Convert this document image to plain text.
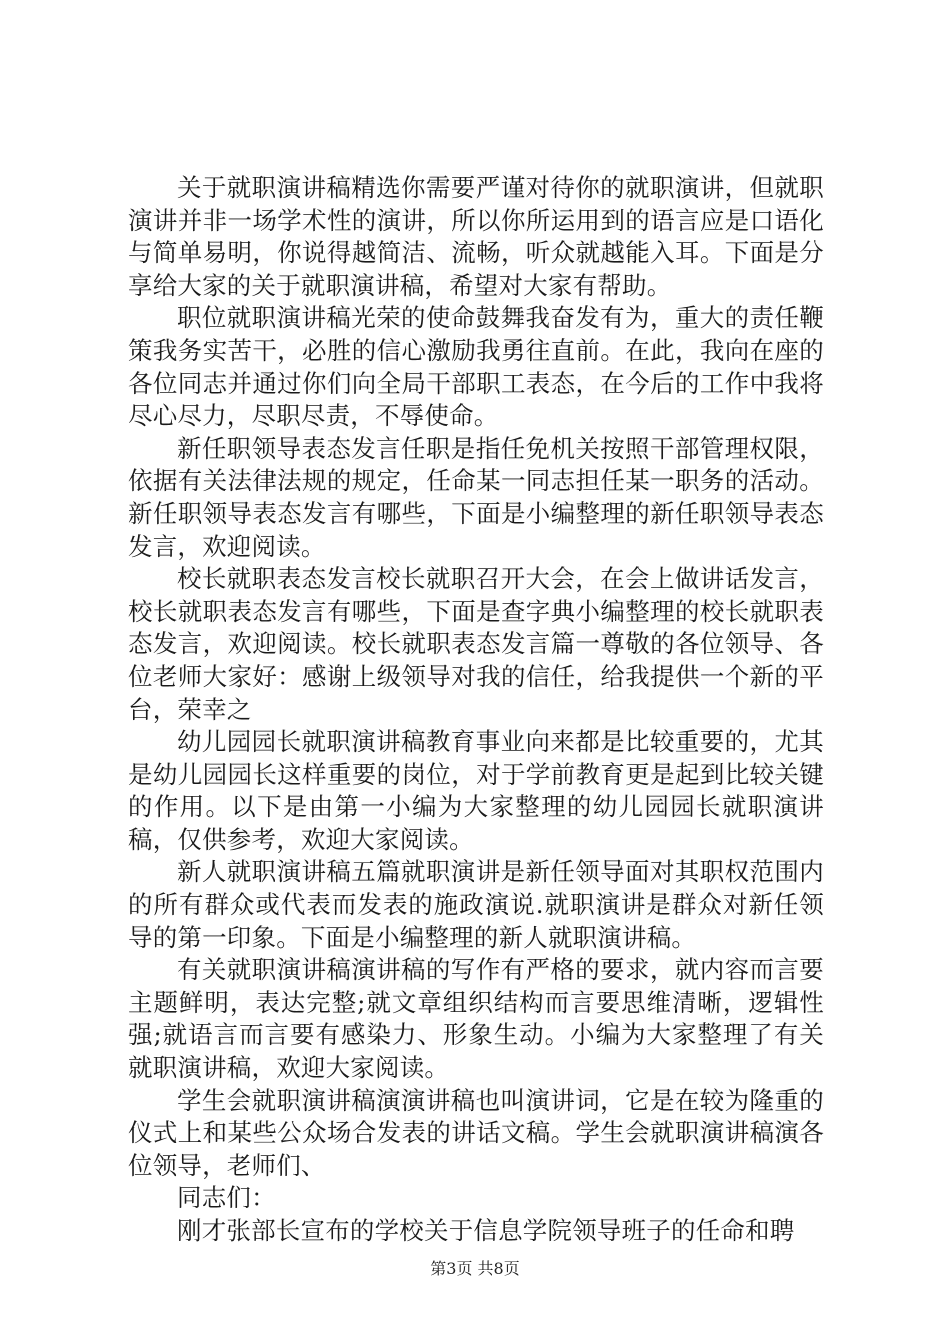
关于就职演讲稿精选你需要严谨对待你的就职演讲，但就职演讲并非一场学术性的演讲，所以你所运用到的语言应是口语化与简单易明，你说得越简洁、流畅，听众就越能入耳。下面是分享给大家的关于就职演讲稿，希望对大家有帮助。

职位就职演讲稿光荣的使命鼓舞我奋发有为，重大的责任鞭策我务实苦干，必胜的信心激励我勇往直前。在此，我向在座的各位同志并通过你们向全局干部职工表态，在今后的工作中我将尽心尽力，尽职尽责，不辱使命。

新任职领导表态发言任职是指任免机关按照干部管理权限，依据有关法律法规的规定，任命某一同志担任某一职务的活动。新任职领导表态发言有哪些，下面是小编整理的新任职领导表态发言，欢迎阅读。

校长就职表态发言校长就职召开大会，在会上做讲话发言，校长就职表态发言有哪些，下面是查字典小编整理的校长就职表态发言，欢迎阅读。校长就职表态发言篇一尊敬的各位领导、各位老师大家好：感谢上级领导对我的信任，给我提供一个新的平台，荣幸之

幼儿园园长就职演讲稿教育事业向来都是比较重要的，尤其是幼儿园园长这样重要的岗位，对于学前教育更是起到比较关键的作用。以下是由第一小编为大家整理的幼儿园园长就职演讲稿，仅供参考，欢迎大家阅读。

新人就职演讲稿五篇就职演讲是新任领导面对其职权范围内的所有群众或代表而发表的施政演说.就职演讲是群众对新任领导的第一印象。下面是小编整理的新人就职演讲稿。

有关就职演讲稿演讲稿的写作有严格的要求，就内容而言要主题鲜明，表达完整;就文章组织结构而言要思维清晰，逻辑性强;就语言而言要有感染力、形象生动。小编为大家整理了有关就职演讲稿，欢迎大家阅读。

学生会就职演讲稿演演讲稿也叫演讲词，它是在较为隆重的仪式上和某些公众场合发表的讲话文稿。学生会就职演讲稿演各位领导，老师们、

同志们：

刚才张部长宣布的学校关于信息学院领导班子的任命和聘

第3页 共8页
